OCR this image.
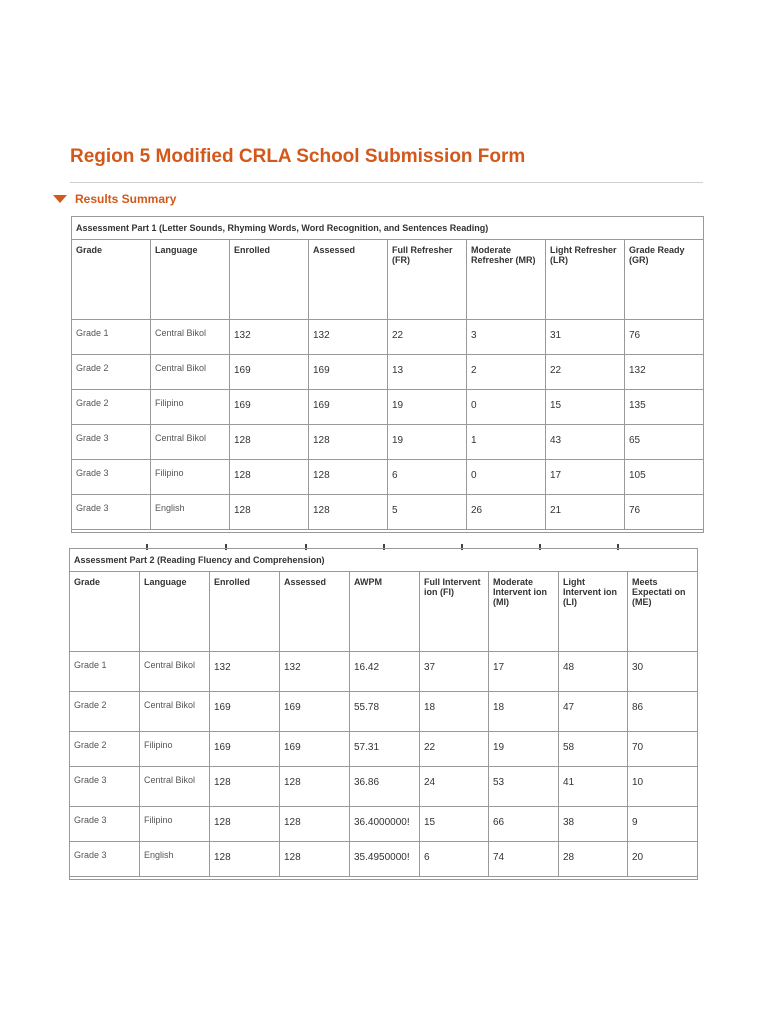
Region 5 Modified CRLA School Submission Form
Results Summary
Assessment Part 1 (Letter Sounds, Rhyming Words, Word Recognition, and Sentences Reading)							
Grade	Language	Enrolled	Assessed	Full Refresher (FR)	Moderate Refresher (MR)	Light Refresher (LR)	Grade Ready (GR)
Grade 1	Central Bikol	132	132	22	3	31	76
Grade 2	Central Bikol	169	169	13	2	22	132
Grade 2	Filipino	169	169	19	0	15	135
Grade 3	Central Bikol	128	128	19	1	43	65
Grade 3	Filipino	128	128	6	0	17	105
Grade 3	English	128	128	5	26	21	76

Assessment Part 2 (Reading Fluency and Comprehension)								
Grade	Language	Enrolled	Assessed	AWPM	Full Intervent ion (FI)	Moderate Intervent ion (MI)	Light Intervent ion (LI)	Meets Expectati on (ME)
Grade 1	Central Bikol	132	132	16.42	37	17	48	30
Grade 2	Central Bikol	169	169	55.78	18	18	47	86
Grade 2	Filipino	169	169	57.31	22	19	58	70
Grade 3	Central Bikol	128	128	36.86	24	53	41	10
Grade 3	Filipino	128	128	36.4000000!	15	66	38	9
Grade 3	English	128	128	35.4950000!	6	74	28	20
